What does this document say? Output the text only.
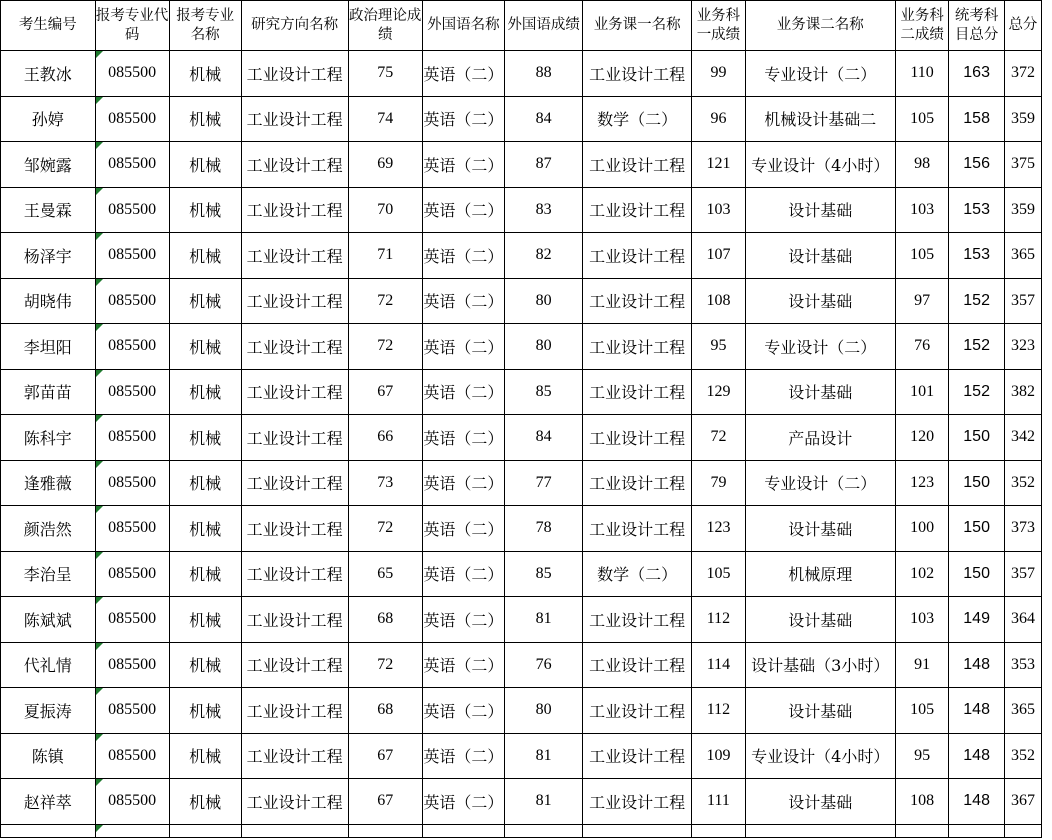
考生编号	报考专业代码	报考专业名称	研究方向名称	政治理论成绩	外国语名称	外国语成绩	业务课一名称	业务科一成绩	业务课二名称	业务科二成绩	统考科目总分	总分
王教冰	085500	机械	工业设计工程	75	英语（二）	88	工业设计工程	99	专业设计（二）	110	163	372
孙婷	085500	机械	工业设计工程	74	英语（二）	84	数学（二）	96	机械设计基础二	105	158	359
邹婉露	085500	机械	工业设计工程	69	英语（二）	87	工业设计工程	121	专业设计（4小时）	98	156	375
王曼霖	085500	机械	工业设计工程	70	英语（二）	83	工业设计工程	103	设计基础	103	153	359
杨泽宇	085500	机械	工业设计工程	71	英语（二）	82	工业设计工程	107	设计基础	105	153	365
胡晓伟	085500	机械	工业设计工程	72	英语（二）	80	工业设计工程	108	设计基础	97	152	357
李坦阳	085500	机械	工业设计工程	72	英语（二）	80	工业设计工程	95	专业设计（二）	76	152	323
郭苗苗	085500	机械	工业设计工程	67	英语（二）	85	工业设计工程	129	设计基础	101	152	382
陈科宇	085500	机械	工业设计工程	66	英语（二）	84	工业设计工程	72	产品设计	120	150	342
逢雅薇	085500	机械	工业设计工程	73	英语（二）	77	工业设计工程	79	专业设计（二）	123	150	352
颜浩然	085500	机械	工业设计工程	72	英语（二）	78	工业设计工程	123	设计基础	100	150	373
李治呈	085500	机械	工业设计工程	65	英语（二）	85	数学（二）	105	机械原理	102	150	357
陈斌斌	085500	机械	工业设计工程	68	英语（二）	81	工业设计工程	112	设计基础	103	149	364
代礼情	085500	机械	工业设计工程	72	英语（二）	76	工业设计工程	114	设计基础（3小时）	91	148	353
夏振涛	085500	机械	工业设计工程	68	英语（二）	80	工业设计工程	112	设计基础	105	148	365
陈镇	085500	机械	工业设计工程	67	英语（二）	81	工业设计工程	109	专业设计（4小时）	95	148	352
赵祥萃	085500	机械	工业设计工程	67	英语（二）	81	工业设计工程	111	设计基础	108	148	367
